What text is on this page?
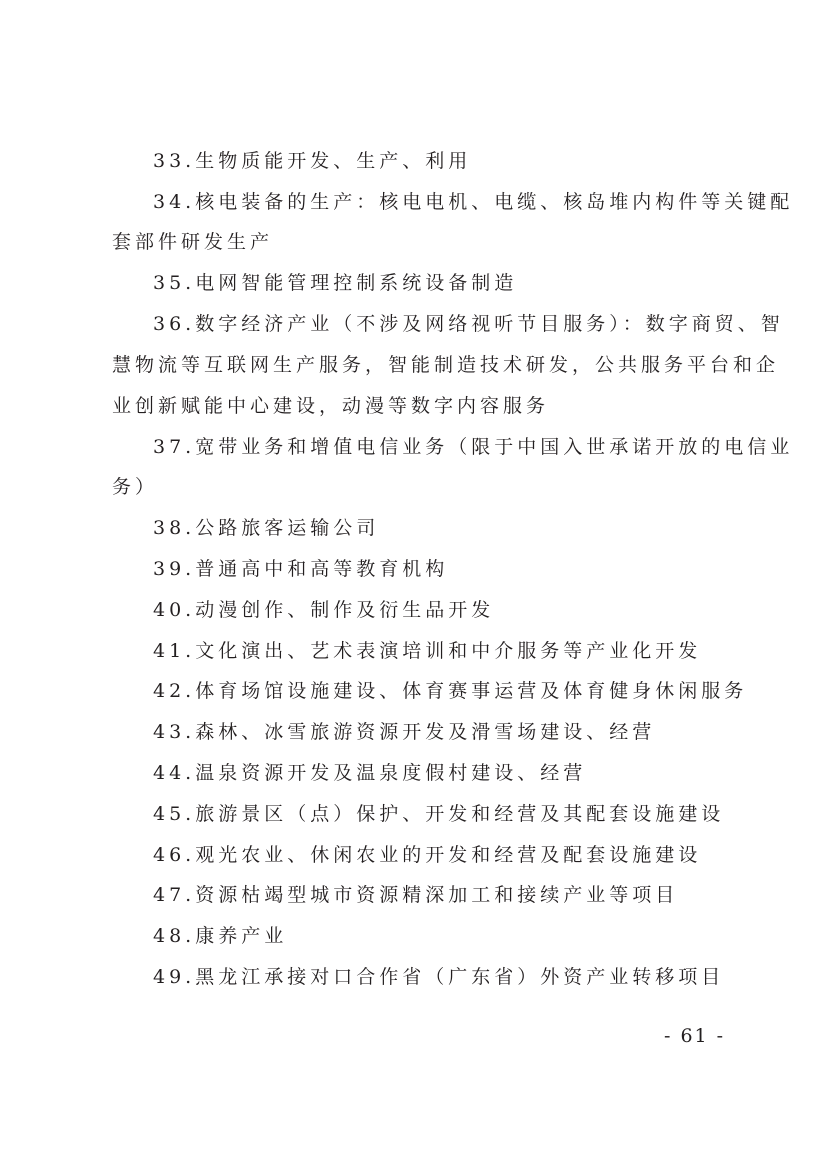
33.生物质能开发、生产、利用
34.核电装备的生产：核电电机、电缆、核岛堆内构件等关键配
套部件研发生产
35.电网智能管理控制系统设备制造
36.数字经济产业（不涉及网络视听节目服务）：数字商贸、智
慧物流等互联网生产服务，智能制造技术研发，公共服务平台和企
业创新赋能中心建设，动漫等数字内容服务
37.宽带业务和增值电信业务（限于中国入世承诺开放的电信业
务）
38.公路旅客运输公司
39.普通高中和高等教育机构
40.动漫创作、制作及衍生品开发
41.文化演出、艺术表演培训和中介服务等产业化开发
42.体育场馆设施建设、体育赛事运营及体育健身休闲服务
43.森林、冰雪旅游资源开发及滑雪场建设、经营
44.温泉资源开发及温泉度假村建设、经营
45.旅游景区（点）保护、开发和经营及其配套设施建设
46.观光农业、休闲农业的开发和经营及配套设施建设
47.资源枯竭型城市资源精深加工和接续产业等项目
48.康养产业
49.黑龙江承接对口合作省（广东省）外资产业转移项目
- 61 -
